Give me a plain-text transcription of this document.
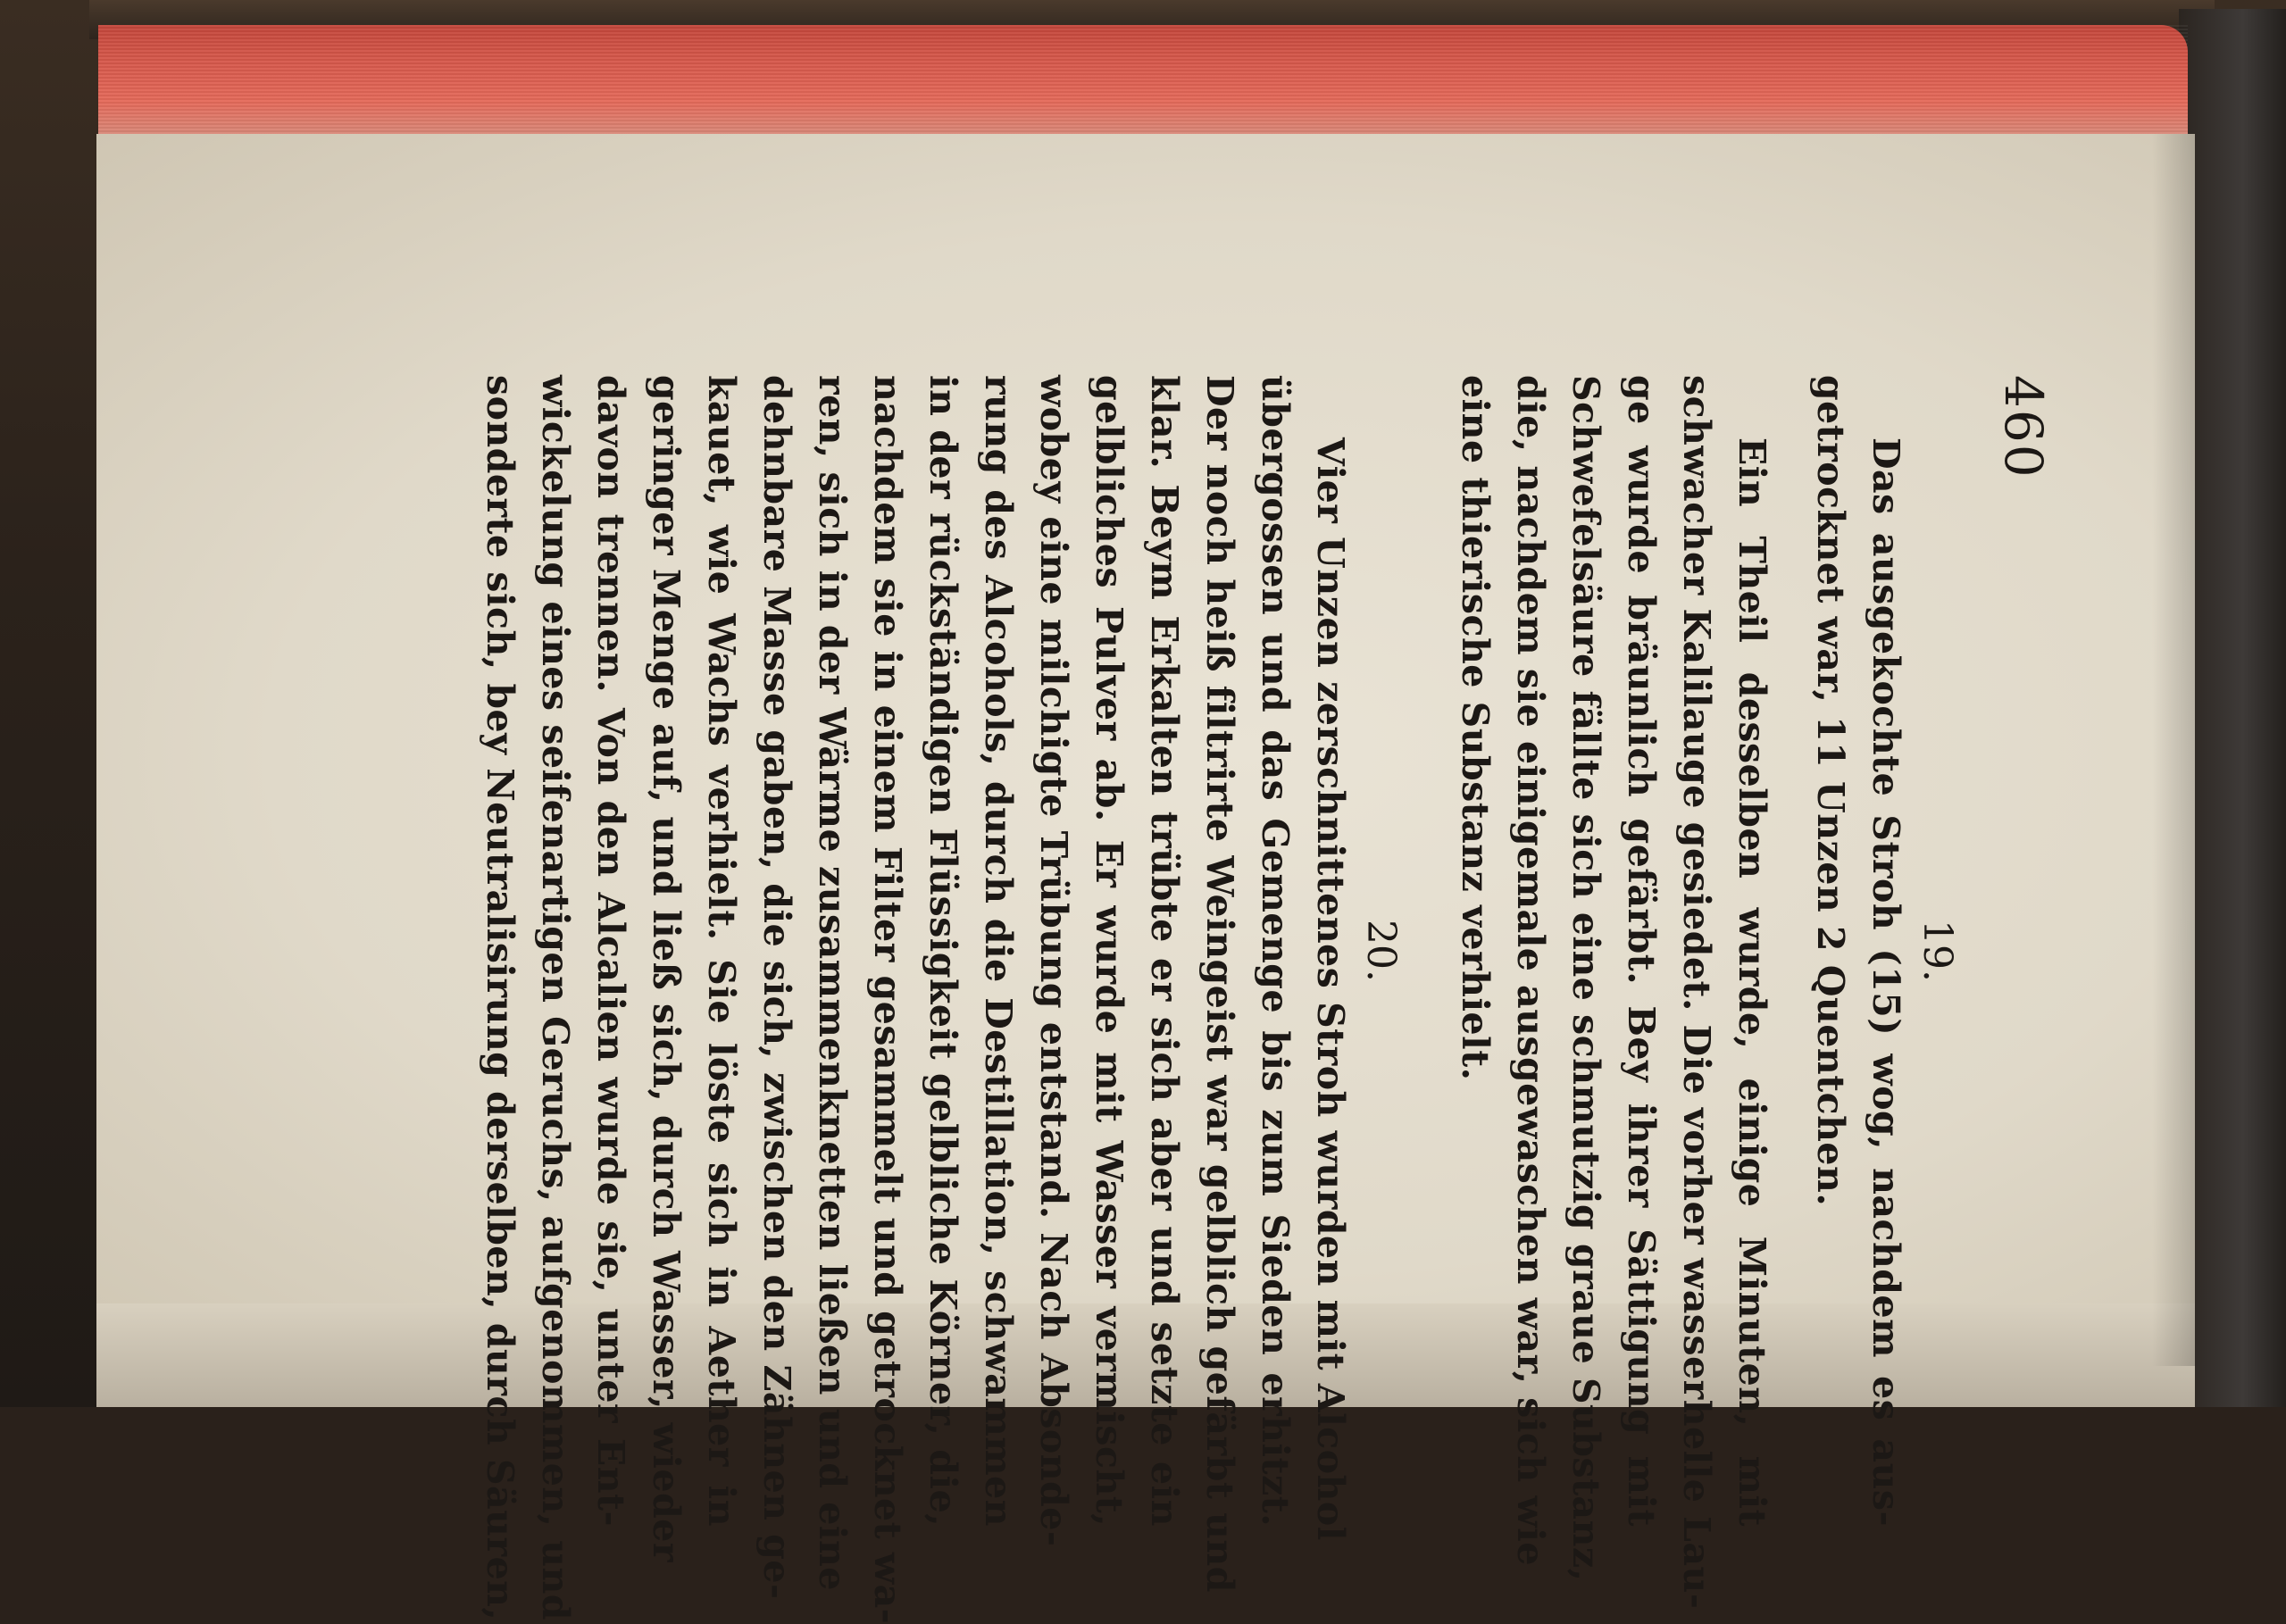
460
19.
Das ausgekochte Stroh (15) wog, nachdem es aus-
getrocknet war, 11 Unzen 2 Quentchen.
Ein Theil desselben wurde, einige Minuten, mit
schwacher Kalilauge gesiedet. Die vorher wasserhelle Lau-
ge wurde bräunlich gefärbt. Bey ihrer Sättigung mit
Schwefelsäure fällte sich eine schmutzig graue Substanz,
die, nachdem sie einigemale ausgewaschen war, sich wie
eine thierische Substanz verhielt.
20.
Vier Unzen zerschnittenes Stroh wurden mit Alcohol
übergossen und das Gemenge bis zum Sieden erhitzt.
Der noch heiß filtrirte Weingeist war gelblich gefärbt und
klar. Beym Erkalten trübte er sich aber und setzte ein
gelbliches Pulver ab. Er wurde mit Wasser vermischt,
wobey eine milchigte Trübung entstand. Nach Absonde-
rung des Alcohols, durch die Destillation, schwammen
in der rückständigen Flüssigkeit gelbliche Körner, die,
nachdem sie in einem Filter gesammelt und getrocknet wa-
ren, sich in der Wärme zusammenknetten ließen und eine
dehnbare Masse gaben, die sich, zwischen den Zähnen ge-
kauet, wie Wachs verhielt. Sie löste sich in Aether in
geringer Menge auf, und ließ sich, durch Wasser, wieder
davon trennen. Von den Alcalien wurde sie, unter Ent-
wickelung eines seifenartigen Geruchs, aufgenommen, und
sonderte sich, bey Neutralisirung derselben, durch Säuren,
